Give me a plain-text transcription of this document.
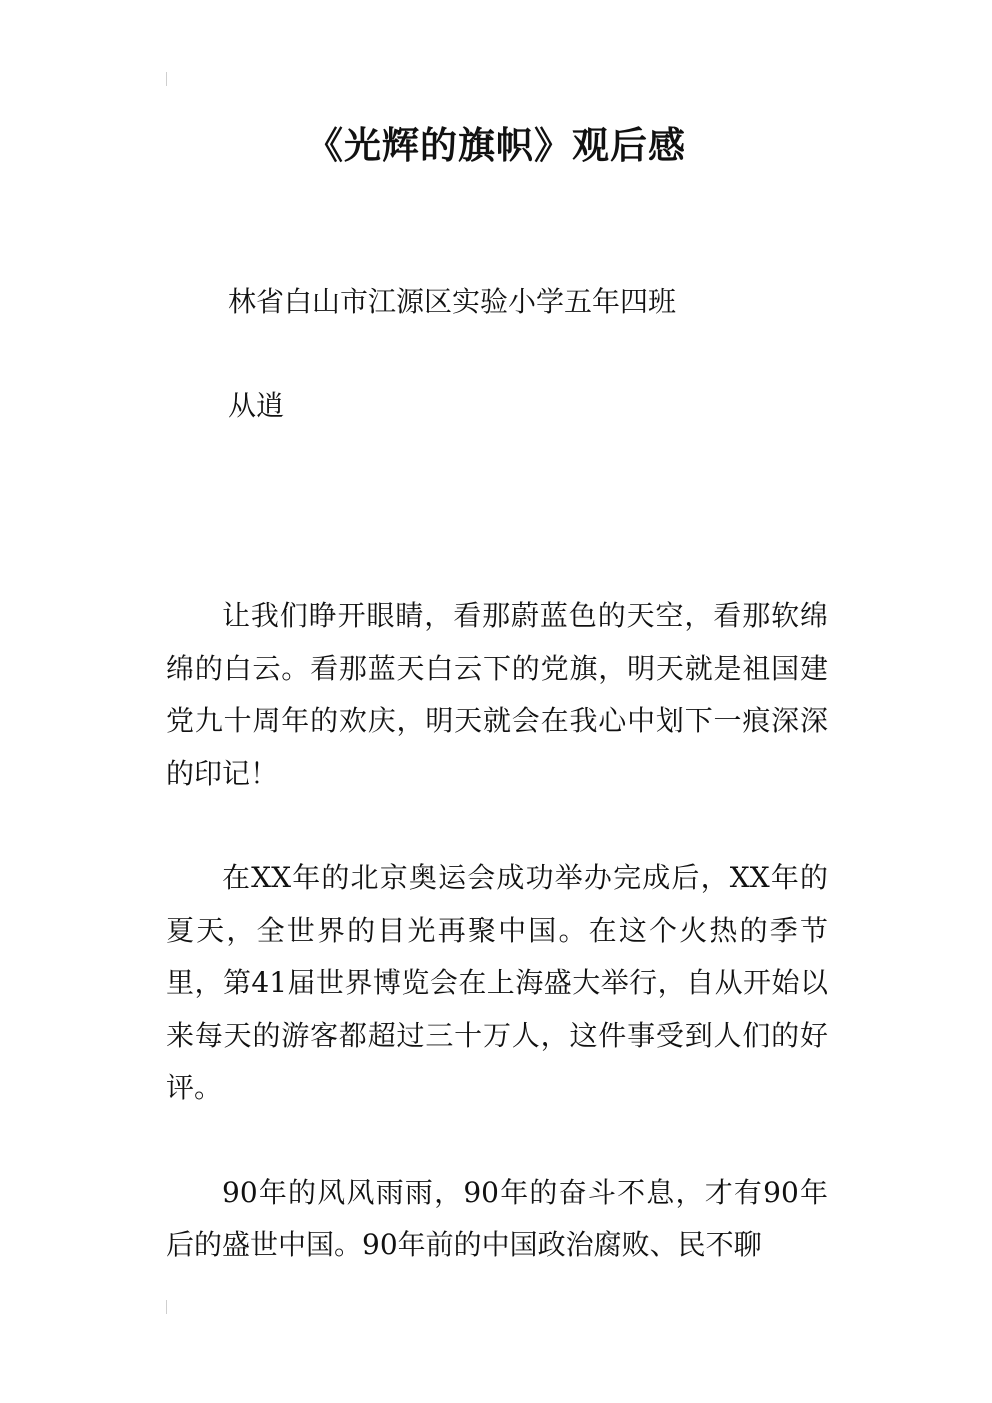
《光辉的旗帜》观后感
林省白山市江源区实验小学五年四班
从逍

让我们睁开眼睛，看那蔚蓝色的天空，看那软绵绵的白云。看那蓝天白云下的党旗，明天就是祖国建党九十周年的欢庆，明天就会在我心中划下一痕深深的印记！

在XX年的北京奥运会成功举办完成后，XX年的夏天，全世界的目光再聚中国。在这个火热的季节里，第41届世界博览会在上海盛大举行，自从开始以来每天的游客都超过三十万人，这件事受到人们的好评。

90年的风风雨雨，90年的奋斗不息，才有90年后的盛世中国。90年前的中国政治腐败、民不聊
